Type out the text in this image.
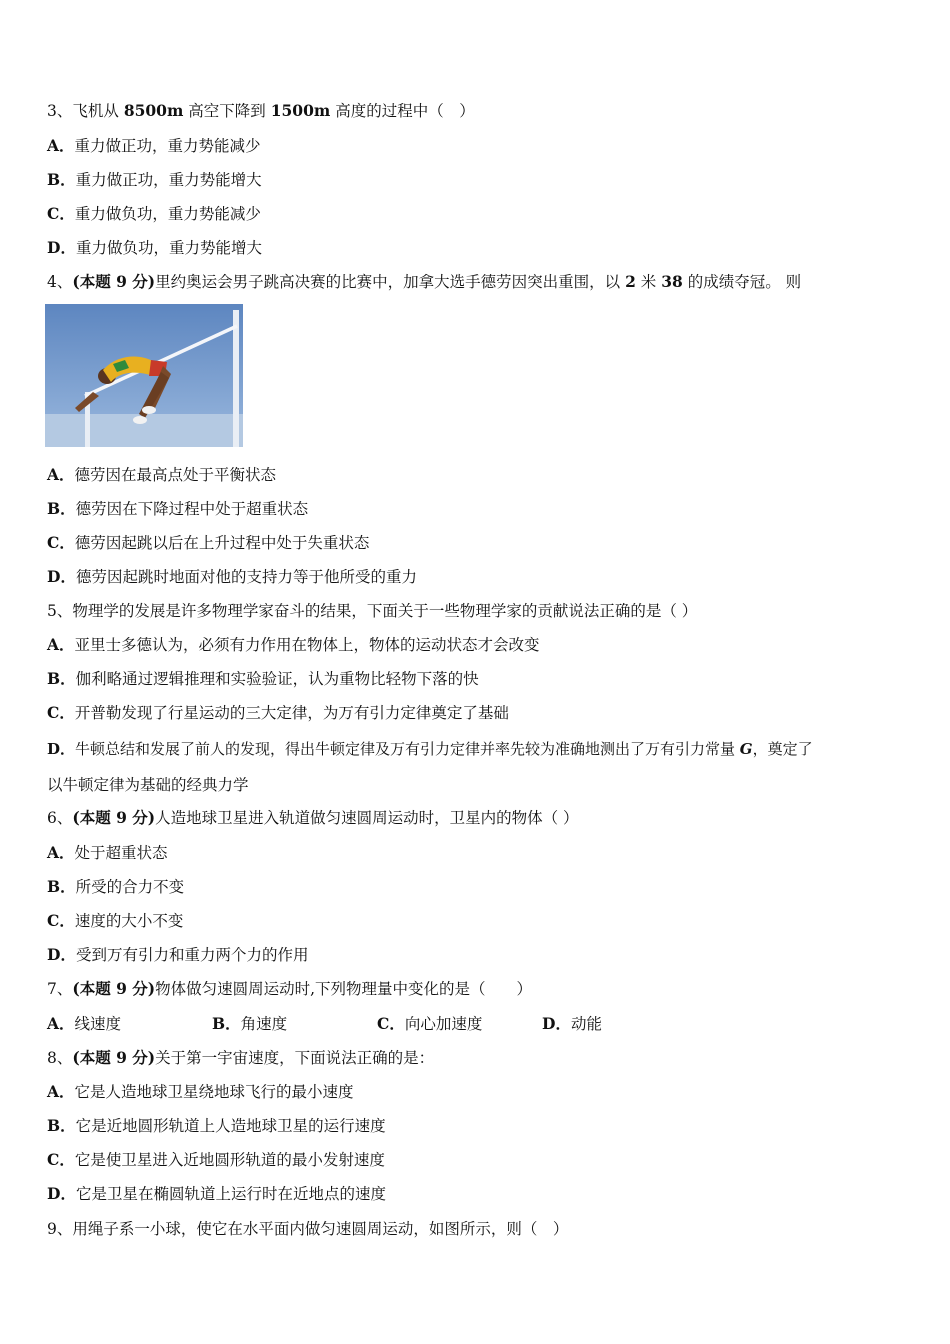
3、飞机从 8500m 高空下降到 1500m 高度的过程中（　）
A．重力做正功，重力势能减少
B．重力做正功，重力势能增大
C．重力做负功，重力势能减少
D．重力做负功，重力势能增大
4、(本题 9 分)里约奥运会男子跳高决赛的比赛中，加拿大选手德劳因突出重围，以 2 米 38 的成绩夺冠。 则
A．德劳因在最高点处于平衡状态
B．德劳因在下降过程中处于超重状态
C．德劳因起跳以后在上升过程中处于失重状态
D．德劳因起跳时地面对他的支持力等于他所受的重力
5、物理学的发展是许多物理学家奋斗的结果，下面关于一些物理学家的贡献说法正确的是（ ）
A．亚里士多德认为，必须有力作用在物体上，物体的运动状态才会改变
B．伽利略通过逻辑推理和实验验证，认为重物比轻物下落的快
C．开普勒发现了行星运动的三大定律，为万有引力定律奠定了基础
D．牛顿总结和发展了前人的发现，得出牛顿定律及万有引力定律并率先较为准确地测出了万有引力常量 G，奠定了
以牛顿定律为基础的经典力学
6、(本题 9 分)人造地球卫星进入轨道做匀速圆周运动时，卫星内的物体（ ）
A．处于超重状态
B．所受的合力不变
C．速度的大小不变
D．受到万有引力和重力两个力的作用
7、(本题 9 分)物体做匀速圆周运动时,下列物理量中变化的是（　　）
A．线速度	B．角速度	C．向心加速度	D．动能
8、(本题 9 分)关于第一宇宙速度，下面说法正确的是：
A．它是人造地球卫星绕地球飞行的最小速度
B．它是近地圆形轨道上人造地球卫星的运行速度
C．它是使卫星进入近地圆形轨道的最小发射速度
D．它是卫星在椭圆轨道上运行时在近地点的速度
9、用绳子系一小球，使它在水平面内做匀速圆周运动，如图所示，则（　）
